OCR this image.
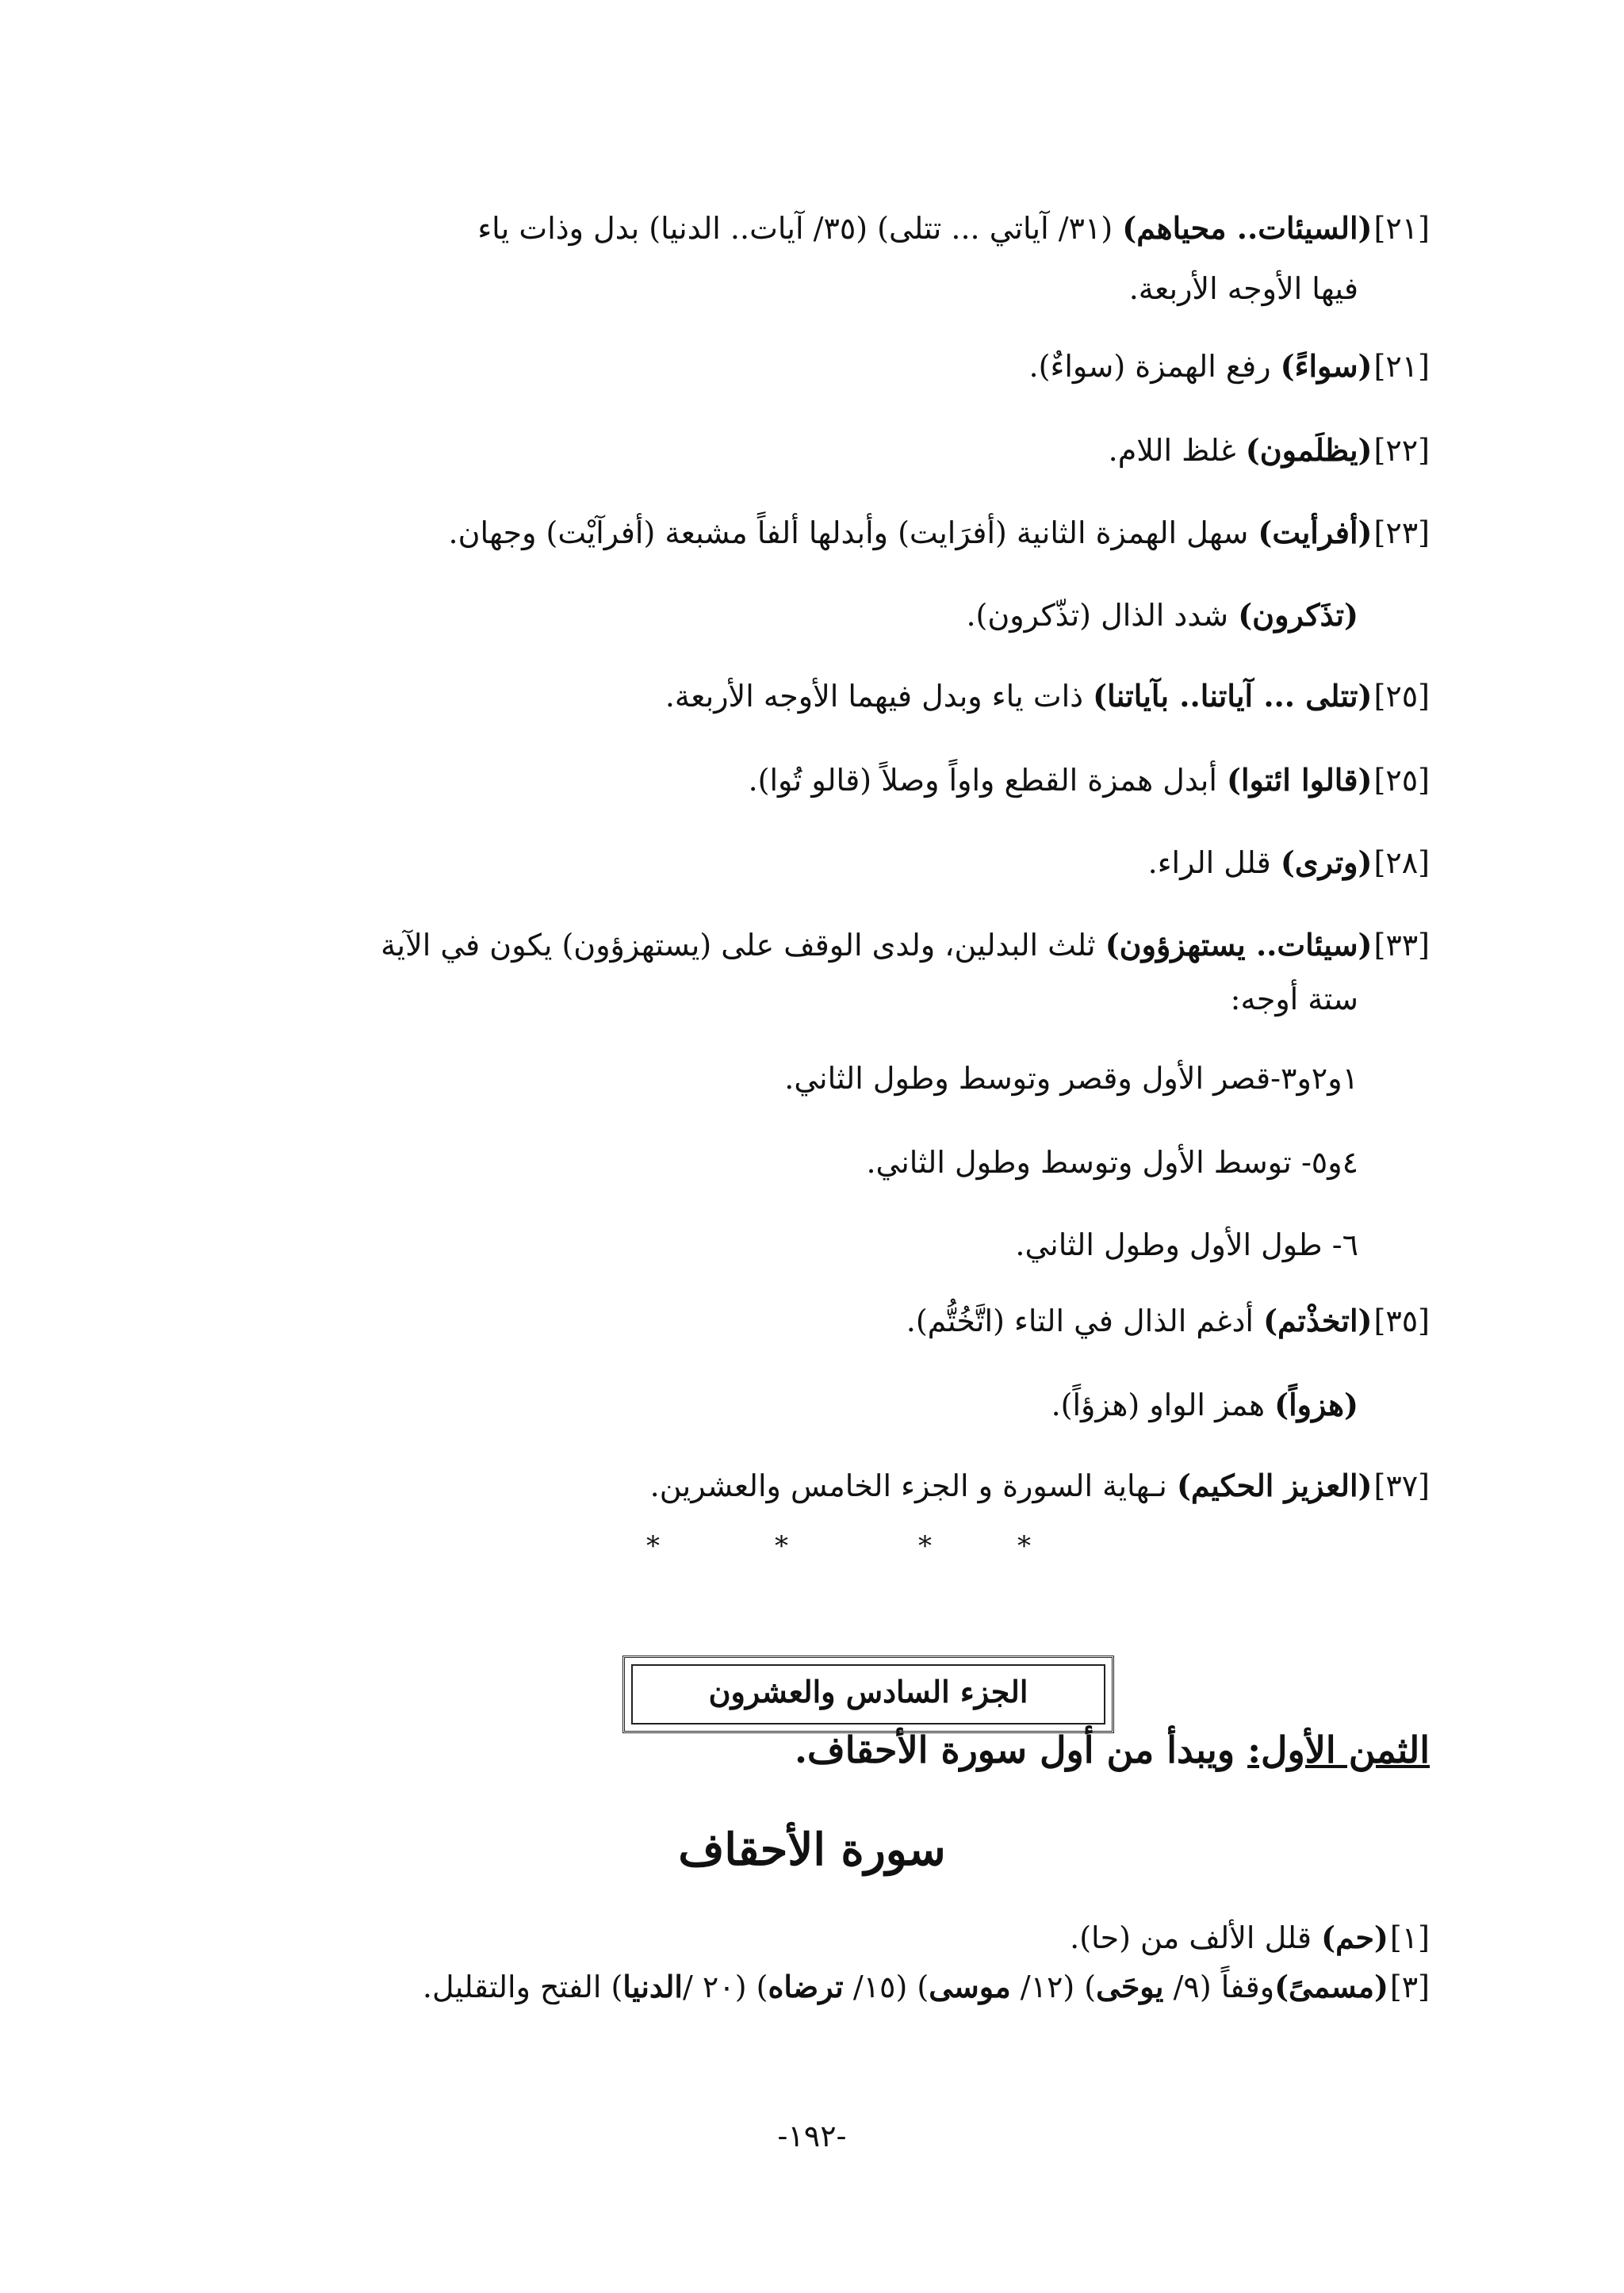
[٢١](السيئات.. محياهم) (٣١/ آياتي ... تتلى) (٣٥/ آيات.. الدنيا) بدل وذات ياء
فيها الأوجه الأربعة.
[٢١](سواءً) رفع الهمزة (سواءٌ).
[٢٢](يظلَمون) غلظ اللام.
[٢٣](أفرأيت) سهل الهمزة الثانية (أفرَايت) وأبدلها ألفاً مشبعة (أفرآيْت) وجهان.
(تذَكرون) شدد الذال (تذّكرون).
[٢٥](تتلى ... آياتنا.. بآياتنا) ذات ياء وبدل فيهما الأوجه الأربعة.
[٢٥](قالوا ائتوا) أبدل همزة القطع واواً وصلاً (قالو تُوا).
[٢٨](وترى) قلل الراء.
[٣٣](سيئات.. يستهزؤون) ثلث البدلين، ولدى الوقف على (يستهزؤون) يكون في الآية
ستة أوجه:
١و٢و٣-قصر الأول وقصر وتوسط وطول الثاني.
٤و٥- توسط الأول وتوسط وطول الثاني.
٦- طول الأول وطول الثاني.
[٣٥](اتخذْتم) أدغم الذال في التاء (اتَّخُتُّم).
(هزواً) همز الواو (هزؤاً).
[٣٧](العزيز الحكيم) نـهاية السورة و الجزء الخامس والعشرين.
*	*	*	*
الجزء السادس والعشرون
الثمن الأول: ويبدأ من أول سورة الأحقاف.
سورة الأحقاف
[١](حم) قلل الألف من (حا).
[٣](مسمىً)وقفاً (٩/ يوحَى) (١٢/ موسى) (١٥/ ترضاه) (٢٠ /الدنيا) الفتح والتقليل.
-١٩٢-
